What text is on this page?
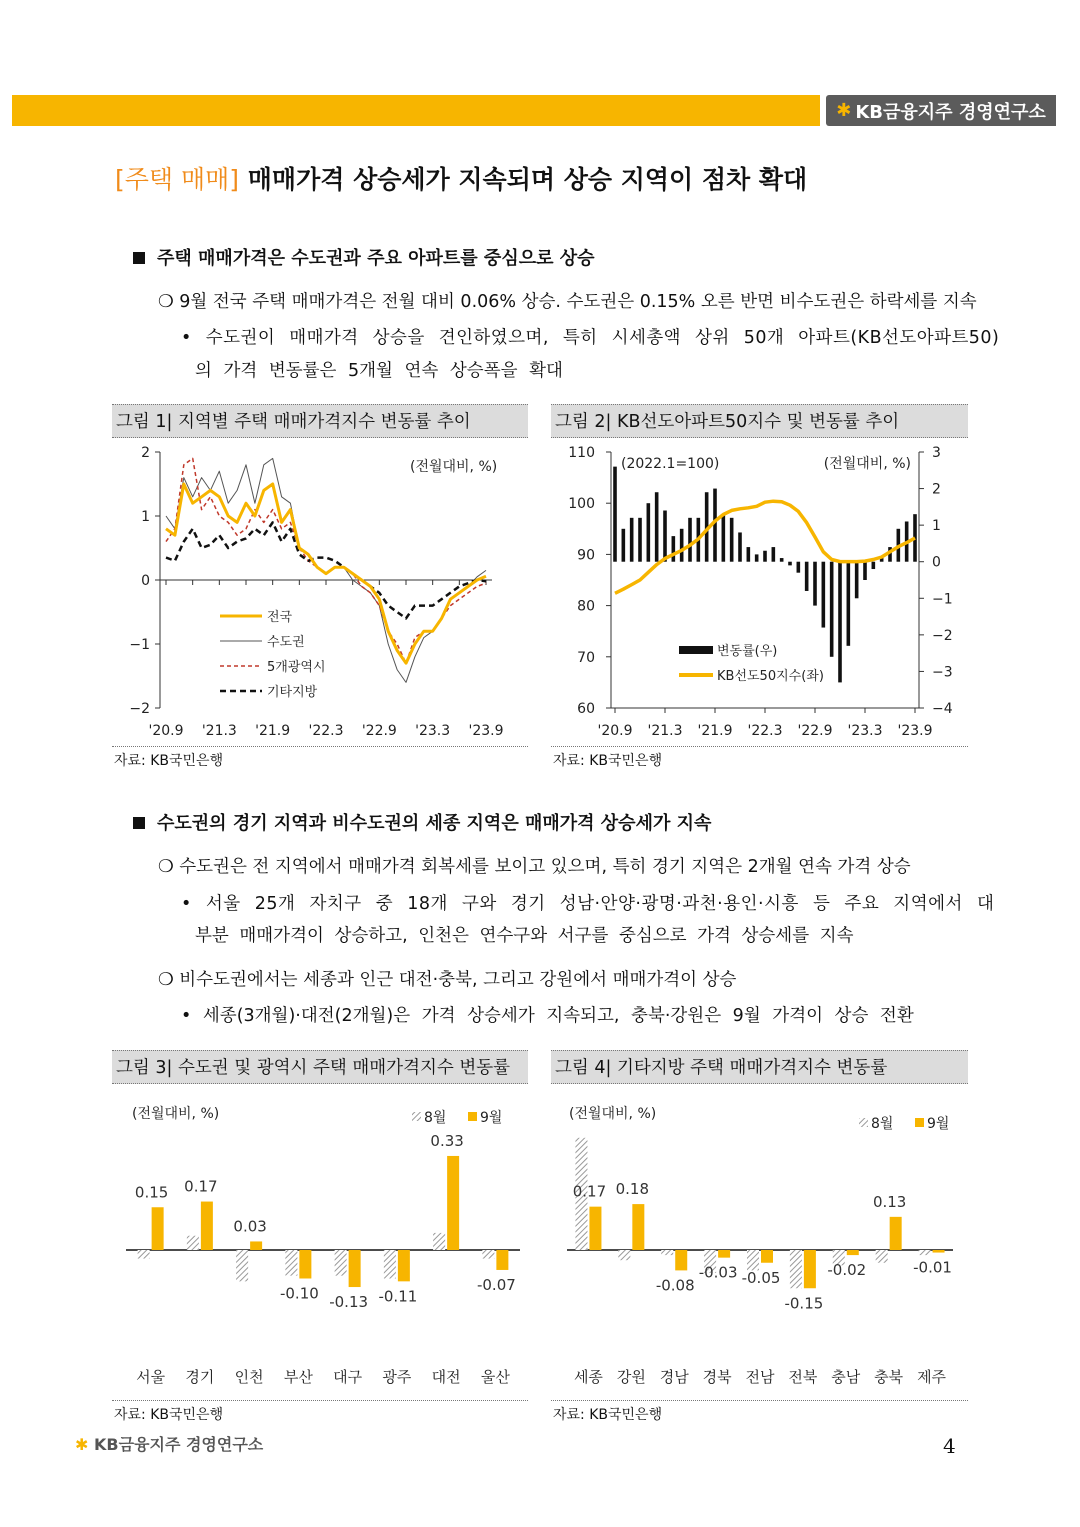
✱ KB금융지주 경영연구소
[주택 매매] 매매가격 상승세가 지속되며 상승 지역이 점차 확대
주택 매매가격은 수도권과 주요 아파트를 중심으로 상승
❍ 9월 전국 주택 매매가격은 전월 대비 0.06% 상승. 수도권은 0.15% 오른 반면 비수도권은 하락세를 지속
• 수도권이 매매가격 상승을 견인하였으며, 특히 시세총액 상위 50개 아파트(KB선도아파트50)
의 가격 변동률은 5개월 연속 상승폭을 확대
그림 1| 지역별 주택 매매가격지수 변동률 추이
2
1
0
−1
−2
'20.9 '21.3 '21.9 '22.3 '22.9 '23.3 '23.9
(전월대비, %)
전국
수도권
5개광역시
기타지방
자료: KB국민은행
그림 2| KB선도아파트50지수 및 변동률 추이
110
100
90
80
70
60
3
2
1
0
−1
−2
−3
−4
'20.9 '21.3 '21.9 '22.3 '22.9 '23.3 '23.9
(2022.1=100)	(전월대비, %)
변동률(우)
KB선도50지수(좌)
자료: KB국민은행
수도권의 경기 지역과 비수도권의 세종 지역은 매매가격 상승세가 지속
❍ 수도권은 전 지역에서 매매가격 회복세를 보이고 있으며, 특히 경기 지역은 2개월 연속 가격 상승
• 서울 25개 자치구 중 18개 구와 경기 성남·안양·광명·과천·용인·시흥 등 주요 지역에서 대
부분 매매가격이 상승하고, 인천은 연수구와 서구를 중심으로 가격 상승세를 지속
❍ 비수도권에서는 세종과 인근 대전·충북, 그리고 강원에서 매매가격이 상승
• 세종(3개월)·대전(2개월)은 가격 상승세가 지속되고, 충북·강원은 9월 가격이 상승 전환
그림 3| 수도권 및 광역시 주택 매매가격지수 변동률
0.15
서울
0.17
경기
0.03
인천
-0.10
부산
-0.13
대구
-0.11
광주
0.33
대전
-0.07
울산
(전월대비, %)	8월 9월
자료: KB국민은행
그림 4| 기타지방 주택 매매가격지수 변동률
0.17
세종
0.18
강원
-0.08
경남
-0.03
경북
-0.05
전남
-0.15
전북
-0.02
충남
0.13
충북
-0.01
제주
(전월대비, %)
8월 9월
자료: KB국민은행
✱ KB금융지주 경영연구소	4
